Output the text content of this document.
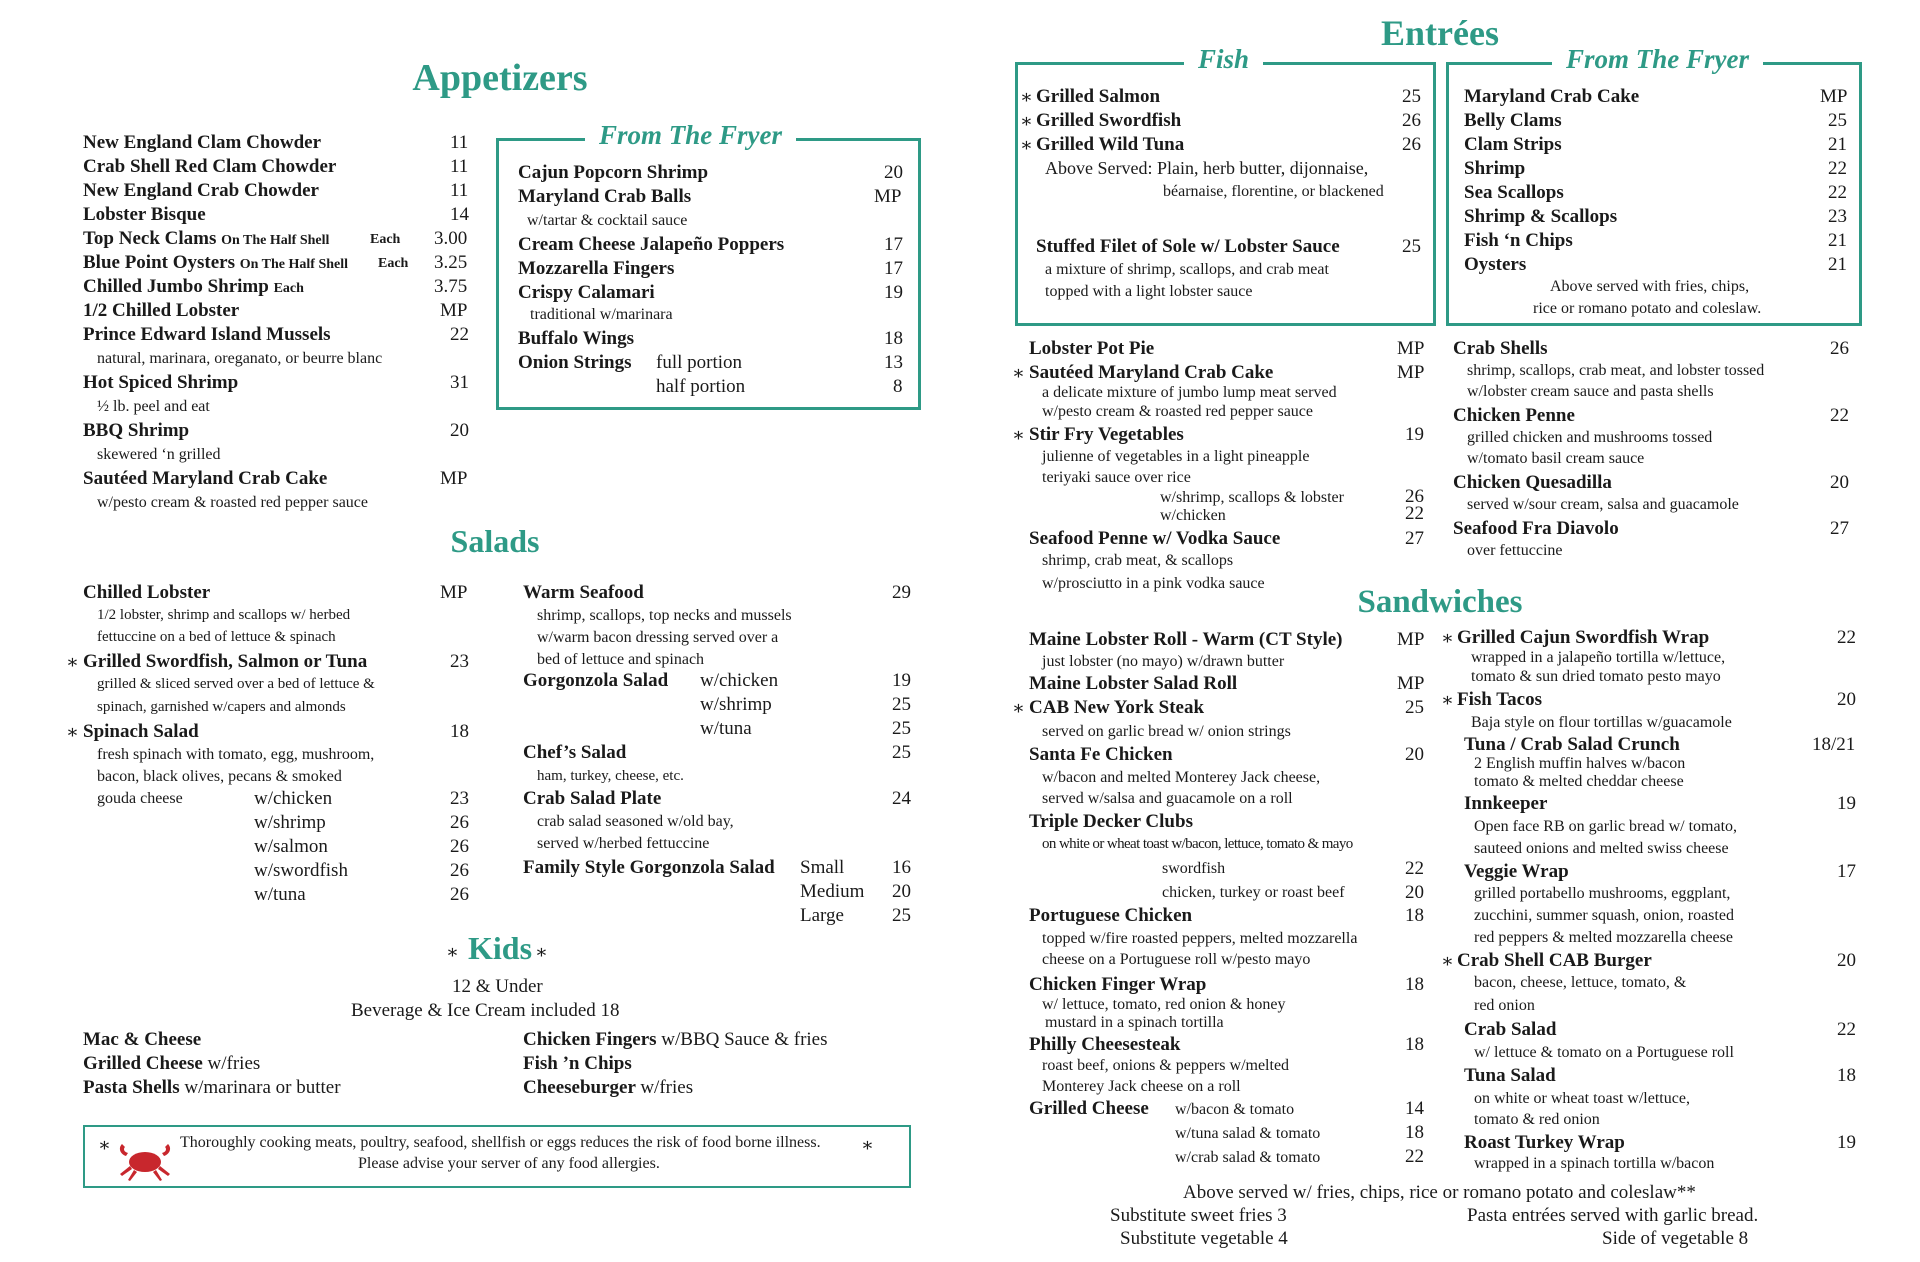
Appetizers
New England Clam Chowder	11
Crab Shell Red Clam Chowder	11
New England Crab Chowder	11
Lobster Bisque	14
Top Neck Clams On The Half Shell	Each 3.00
Blue Point Oysters On The Half Shell Each 3.25
Chilled Jumbo Shrimp Each	3.75
1/2 Chilled Lobster	MP
Prince Edward Island Mussels	22
natural, marinara, oreganato, or beurre blanc
Hot Spiced Shrimp	31
½ lb. peel and eat
BBQ Shrimp	20
skewered ‘n grilled
Sautéed Maryland Crab Cake	MP
w/pesto cream & roasted red pepper sauce
From The Fryer
Cajun Popcorn Shrimp	20
Maryland Crab Balls	MP
w/tartar & cocktail sauce
Cream Cheese Jalapeño Poppers	17
Mozzarella Fingers	17
Crispy Calamari	19
traditional w/marinara
Buffalo Wings	18
Onion Strings full portion	13
half portion	8
Salads
Chilled Lobster	MP
1/2 lobster, shrimp and scallops w/ herbed
fettuccine on a bed of lettuce & spinach
∗ Grilled Swordfish, Salmon or Tuna	23
grilled & sliced served over a bed of lettuce &
spinach, garnished w/capers and almonds
∗ Spinach Salad	18
fresh spinach with tomato, egg, mushroom,
bacon, black olives, pecans & smoked
gouda cheese	w/chicken	23
w/shrimp	26
w/salmon	26
w/swordfish	26
w/tuna	26
Warm Seafood	29
shrimp, scallops, top necks and mussels
w/warm bacon dressing served over a
bed of lettuce and spinach
Gorgonzola Salad w/chicken	19
w/shrimp	25
w/tuna	25
Chef’s Salad	25
ham, turkey, cheese, etc.
Crab Salad Plate	24
crab salad seasoned w/old bay,
served w/herbed fettuccine
Family Style Gorgonzola Salad Small	16
Medium 20
Large	25
∗ Kids ∗
12 & Under
Beverage & Ice Cream included 18
Mac & Cheese
Grilled Cheese w/fries
Pasta Shells w/marinara or butter
Chicken Fingers w/BBQ Sauce & fries
Fish ’n Chips
Cheeseburger w/fries
∗	Thoroughly cooking meats, poultry, seafood, shellfish or eggs reduces the risk of food borne illness. ∗
Please advise your server of any food allergies.
Entrées
Fish
∗ Grilled Salmon	25
∗ Grilled Swordfish	26
∗ Grilled Wild Tuna	26
Above Served: Plain, herb butter, dijonnaise,
béarnaise, florentine, or blackened
Stuffed Filet of Sole w/ Lobster Sauce	25
a mixture of shrimp, scallops, and crab meat
topped with a light lobster sauce
From The Fryer
Maryland Crab Cake	MP
Belly Clams	25
Clam Strips	21
Shrimp	22
Sea Scallops	22
Shrimp & Scallops	23
Fish ‘n Chips	21
Oysters	21
Above served with fries, chips,
rice or romano potato and coleslaw.
Lobster Pot Pie	MP
∗ Sautéed Maryland Crab Cake	MP
a delicate mixture of jumbo lump meat served
w/pesto cream & roasted red pepper sauce
∗ Stir Fry Vegetables	19
julienne of vegetables in a light pineapple
teriyaki sauce over rice
w/shrimp, scallops & lobster	26
w/chicken	22
Seafood Penne w/ Vodka Sauce	27
shrimp, crab meat, & scallops
w/prosciutto in a pink vodka sauce
Crab Shells	26
shrimp, scallops, crab meat, and lobster tossed
w/lobster cream sauce and pasta shells
Chicken Penne	22
grilled chicken and mushrooms tossed
w/tomato basil cream sauce
Chicken Quesadilla	20
served w/sour cream, salsa and guacamole
Seafood Fra Diavolo	27
over fettuccine
Sandwiches
Maine Lobster Roll - Warm (CT Style)	MP
just lobster (no mayo) w/drawn butter
Maine Lobster Salad Roll	MP
∗ CAB New York Steak	25
served on garlic bread w/ onion strings
Santa Fe Chicken	20
w/bacon and melted Monterey Jack cheese,
served w/salsa and guacamole on a roll
Triple Decker Clubs
on white or wheat toast w/bacon, lettuce, tomato & mayo
swordfish	22
chicken, turkey or roast beef	20
Portuguese Chicken	18
topped w/fire roasted peppers, melted mozzarella
cheese on a Portuguese roll w/pesto mayo
Chicken Finger Wrap	18
w/ lettuce, tomato, red onion & honey
mustard in a spinach tortilla
Philly Cheesesteak	18
roast beef, onions & peppers w/melted
Monterey Jack cheese on a roll
Grilled Cheese w/bacon & tomato	14
w/tuna salad & tomato	18
w/crab salad & tomato	22
∗ Grilled Cajun Swordfish Wrap	22
wrapped in a jalapeño tortilla w/lettuce,
tomato & sun dried tomato pesto mayo
∗ Fish Tacos	20
Baja style on flour tortillas w/guacamole
Tuna / Crab Salad Crunch	18/21
2 English muffin halves w/bacon
tomato & melted cheddar cheese
Innkeeper	19
Open face RB on garlic bread w/ tomato,
sauteed onions and melted swiss cheese
Veggie Wrap	17
grilled portabello mushrooms, eggplant,
zucchini, summer squash, onion, roasted
red peppers & melted mozzarella cheese
∗ Crab Shell CAB Burger	20
bacon, cheese, lettuce, tomato, &
red onion
Crab Salad	22
w/ lettuce & tomato on a Portuguese roll
Tuna Salad	18
on white or wheat toast w/lettuce,
tomato & red onion
Roast Turkey Wrap	19
wrapped in a spinach tortilla w/bacon
Above served w/ fries, chips, rice or romano potato and coleslaw**
Substitute sweet fries 3
Substitute vegetable 4
Pasta entrées served with garlic bread.
Side of vegetable 8
